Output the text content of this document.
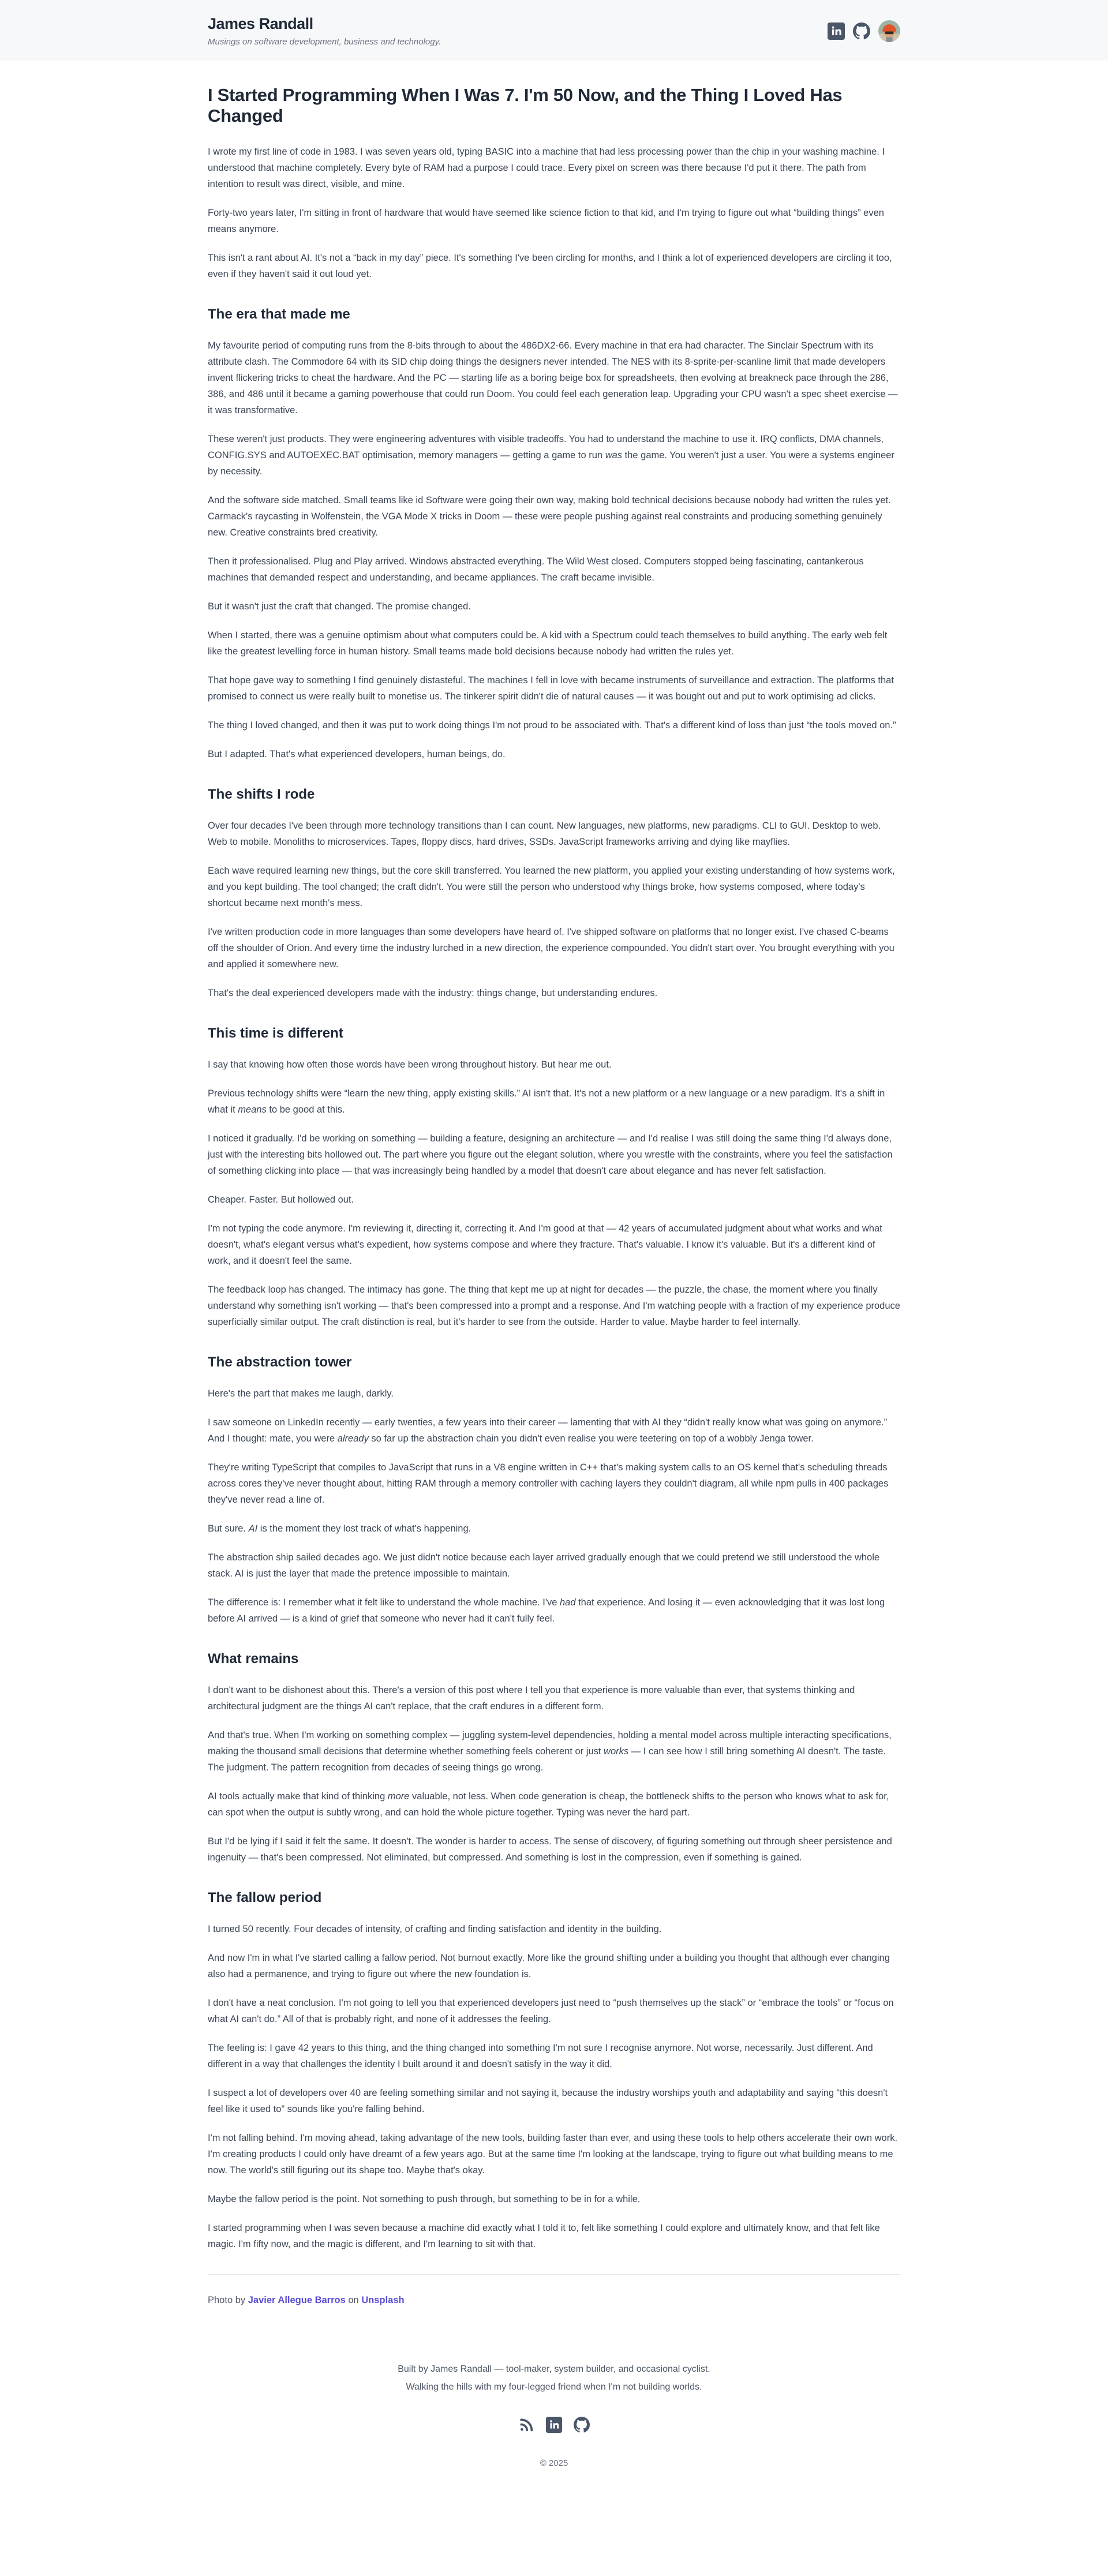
James Randall
Musings on software development, business and technology.
I Started Programming When I Was 7. I'm 50 Now, and the Thing I Loved Has Changed

I wrote my first line of code in 1983. I was seven years old, typing BASIC into a machine that had less processing power than the chip in your washing machine. I understood that machine completely. Every byte of RAM had a purpose I could trace. Every pixel on screen was there because I'd put it there. The path from intention to result was direct, visible, and mine.

Forty-two years later, I'm sitting in front of hardware that would have seemed like science fiction to that kid, and I'm trying to figure out what “building things” even means anymore.

This isn't a rant about AI. It's not a “back in my day” piece. It's something I've been circling for months, and I think a lot of experienced developers are circling it too, even if they haven't said it out loud yet.

The era that made me

My favourite period of computing runs from the 8-bits through to about the 486DX2-66. Every machine in that era had character. The Sinclair Spectrum with its attribute clash. The Commodore 64 with its SID chip doing things the designers never intended. The NES with its 8-sprite-per-scanline limit that made developers invent flickering tricks to cheat the hardware. And the PC — starting life as a boring beige box for spreadsheets, then evolving at breakneck pace through the 286, 386, and 486 until it became a gaming powerhouse that could run Doom. You could feel each generation leap. Upgrading your CPU wasn't a spec sheet exercise — it was transformative.

These weren't just products. They were engineering adventures with visible tradeoffs. You had to understand the machine to use it. IRQ conflicts, DMA channels, CONFIG.SYS and AUTOEXEC.BAT optimisation, memory managers — getting a game to run was the game. You weren't just a user. You were a systems engineer by necessity.

And the software side matched. Small teams like id Software were going their own way, making bold technical decisions because nobody had written the rules yet. Carmack's raycasting in Wolfenstein, the VGA Mode X tricks in Doom — these were people pushing against real constraints and producing something genuinely new. Creative constraints bred creativity.

Then it professionalised. Plug and Play arrived. Windows abstracted everything. The Wild West closed. Computers stopped being fascinating, cantankerous machines that demanded respect and understanding, and became appliances. The craft became invisible.

But it wasn't just the craft that changed. The promise changed.

When I started, there was a genuine optimism about what computers could be. A kid with a Spectrum could teach themselves to build anything. The early web felt like the greatest levelling force in human history. Small teams made bold decisions because nobody had written the rules yet.

That hope gave way to something I find genuinely distasteful. The machines I fell in love with became instruments of surveillance and extraction. The platforms that promised to connect us were really built to monetise us. The tinkerer spirit didn't die of natural causes — it was bought out and put to work optimising ad clicks.

The thing I loved changed, and then it was put to work doing things I'm not proud to be associated with. That's a different kind of loss than just “the tools moved on.”

But I adapted. That's what experienced developers, human beings, do.

The shifts I rode

Over four decades I've been through more technology transitions than I can count. New languages, new platforms, new paradigms. CLI to GUI. Desktop to web. Web to mobile. Monoliths to microservices. Tapes, floppy discs, hard drives, SSDs. JavaScript frameworks arriving and dying like mayflies.

Each wave required learning new things, but the core skill transferred. You learned the new platform, you applied your existing understanding of how systems work, and you kept building. The tool changed; the craft didn't. You were still the person who understood why things broke, how systems composed, where today's shortcut became next month's mess.

I've written production code in more languages than some developers have heard of. I've shipped software on platforms that no longer exist. I've chased C-beams off the shoulder of Orion. And every time the industry lurched in a new direction, the experience compounded. You didn't start over. You brought everything with you and applied it somewhere new.

That's the deal experienced developers made with the industry: things change, but understanding endures.

This time is different

I say that knowing how often those words have been wrong throughout history. But hear me out.

Previous technology shifts were “learn the new thing, apply existing skills.” AI isn't that. It's not a new platform or a new language or a new paradigm. It's a shift in what it means to be good at this.

I noticed it gradually. I'd be working on something — building a feature, designing an architecture — and I'd realise I was still doing the same thing I'd always done, just with the interesting bits hollowed out. The part where you figure out the elegant solution, where you wrestle with the constraints, where you feel the satisfaction of something clicking into place — that was increasingly being handled by a model that doesn't care about elegance and has never felt satisfaction.

Cheaper. Faster. But hollowed out.

I'm not typing the code anymore. I'm reviewing it, directing it, correcting it. And I'm good at that — 42 years of accumulated judgment about what works and what doesn't, what's elegant versus what's expedient, how systems compose and where they fracture. That's valuable. I know it's valuable. But it's a different kind of work, and it doesn't feel the same.

The feedback loop has changed. The intimacy has gone. The thing that kept me up at night for decades — the puzzle, the chase, the moment where you finally understand why something isn't working — that's been compressed into a prompt and a response. And I'm watching people with a fraction of my experience produce superficially similar output. The craft distinction is real, but it's harder to see from the outside. Harder to value. Maybe harder to feel internally.

The abstraction tower

Here's the part that makes me laugh, darkly.

I saw someone on LinkedIn recently — early twenties, a few years into their career — lamenting that with AI they “didn't really know what was going on anymore.” And I thought: mate, you were already so far up the abstraction chain you didn't even realise you were teetering on top of a wobbly Jenga tower.

They're writing TypeScript that compiles to JavaScript that runs in a V8 engine written in C++ that's making system calls to an OS kernel that's scheduling threads across cores they've never thought about, hitting RAM through a memory controller with caching layers they couldn't diagram, all while npm pulls in 400 packages they've never read a line of.

But sure. AI is the moment they lost track of what's happening.

The abstraction ship sailed decades ago. We just didn't notice because each layer arrived gradually enough that we could pretend we still understood the whole stack. AI is just the layer that made the pretence impossible to maintain.

The difference is: I remember what it felt like to understand the whole machine. I've had that experience. And losing it — even acknowledging that it was lost long before AI arrived — is a kind of grief that someone who never had it can't fully feel.

What remains

I don't want to be dishonest about this. There's a version of this post where I tell you that experience is more valuable than ever, that systems thinking and architectural judgment are the things AI can't replace, that the craft endures in a different form.

And that's true. When I'm working on something complex — juggling system-level dependencies, holding a mental model across multiple interacting specifications, making the thousand small decisions that determine whether something feels coherent or just works — I can see how I still bring something AI doesn't. The taste. The judgment. The pattern recognition from decades of seeing things go wrong.

AI tools actually make that kind of thinking more valuable, not less. When code generation is cheap, the bottleneck shifts to the person who knows what to ask for, can spot when the output is subtly wrong, and can hold the whole picture together. Typing was never the hard part.

But I'd be lying if I said it felt the same. It doesn't. The wonder is harder to access. The sense of discovery, of figuring something out through sheer persistence and ingenuity — that's been compressed. Not eliminated, but compressed. And something is lost in the compression, even if something is gained.

The fallow period

I turned 50 recently. Four decades of intensity, of crafting and finding satisfaction and identity in the building.

And now I'm in what I've started calling a fallow period. Not burnout exactly. More like the ground shifting under a building you thought that although ever changing also had a permanence, and trying to figure out where the new foundation is.

I don't have a neat conclusion. I'm not going to tell you that experienced developers just need to “push themselves up the stack” or “embrace the tools” or “focus on what AI can't do.” All of that is probably right, and none of it addresses the feeling.

The feeling is: I gave 42 years to this thing, and the thing changed into something I'm not sure I recognise anymore. Not worse, necessarily. Just different. And different in a way that challenges the identity I built around it and doesn't satisfy in the way it did.

I suspect a lot of developers over 40 are feeling something similar and not saying it, because the industry worships youth and adaptability and saying “this doesn't feel like it used to” sounds like you're falling behind.

I'm not falling behind. I'm moving ahead, taking advantage of the new tools, building faster than ever, and using these tools to help others accelerate their own work. I'm creating products I could only have dreamt of a few years ago. But at the same time I'm looking at the landscape, trying to figure out what building means to me now. The world's still figuring out its shape too. Maybe that's okay.

Maybe the fallow period is the point. Not something to push through, but something to be in for a while.

I started programming when I was seven because a machine did exactly what I told it to, felt like something I could explore and ultimately know, and that felt like magic. I'm fifty now, and the magic is different, and I'm learning to sit with that.

Photo by Javier Allegue Barros on Unsplash

Built by James Randall — tool-maker, system builder, and occasional cyclist.

Walking the hills with my four-legged friend when I'm not building worlds.

© 2025
